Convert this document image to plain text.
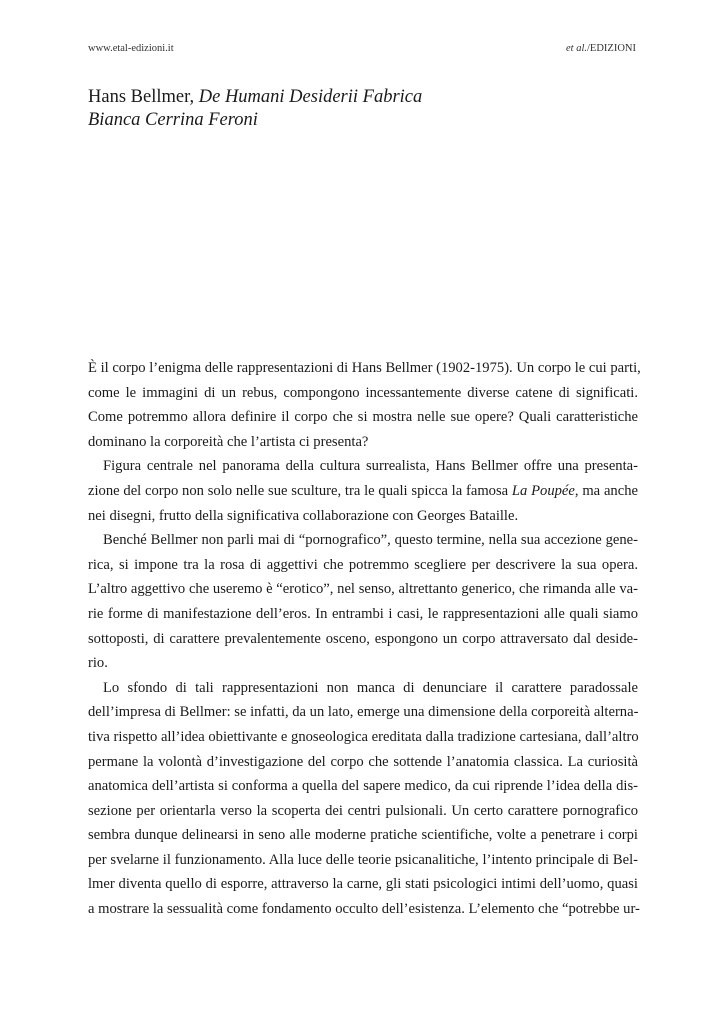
www.etal-edizioni.it	et al./EDIZIONI
Hans Bellmer, De Humani Desiderii Fabrica
Bianca Cerrina Feroni
È il corpo l’enigma delle rappresentazioni di Hans Bellmer (1902-1975). Un corpo le cui parti,
come le immagini di un rebus, compongono incessantemente diverse catene di significati.
Come potremmo allora definire il corpo che si mostra nelle sue opere? Quali caratteristiche
dominano la corporeità che l’artista ci presenta?
Figura centrale nel panorama della cultura surrealista, Hans Bellmer offre una presenta-
zione del corpo non solo nelle sue sculture, tra le quali spicca la famosa La Poupée, ma anche
nei disegni, frutto della significativa collaborazione con Georges Bataille.
Benché Bellmer non parli mai di “pornografico”, questo termine, nella sua accezione gene-
rica, si impone tra la rosa di aggettivi che potremmo scegliere per descrivere la sua opera.
L’altro aggettivo che useremo è “erotico”, nel senso, altrettanto generico, che rimanda alle va-
rie forme di manifestazione dell’eros. In entrambi i casi, le rappresentazioni alle quali siamo
sottoposti, di carattere prevalentemente osceno, espongono un corpo attraversato dal deside-
rio.
Lo sfondo di tali rappresentazioni non manca di denunciare il carattere paradossale
dell’impresa di Bellmer: se infatti, da un lato, emerge una dimensione della corporeità alterna-
tiva rispetto all’idea obiettivante e gnoseologica ereditata dalla tradizione cartesiana, dall’altro
permane la volontà d’investigazione del corpo che sottende l’anatomia classica. La curiosità
anatomica dell’artista si conforma a quella del sapere medico, da cui riprende l’idea della dis-
sezione per orientarla verso la scoperta dei centri pulsionali. Un certo carattere pornografico
sembra dunque delinearsi in seno alle moderne pratiche scientifiche, volte a penetrare i corpi
per svelarne il funzionamento. Alla luce delle teorie psicanalitiche, l’intento principale di Bel-
lmer diventa quello di esporre, attraverso la carne, gli stati psicologici intimi dell’uomo, quasi
a mostrare la sessualità come fondamento occulto dell’esistenza. L’elemento che “potrebbe ur-
